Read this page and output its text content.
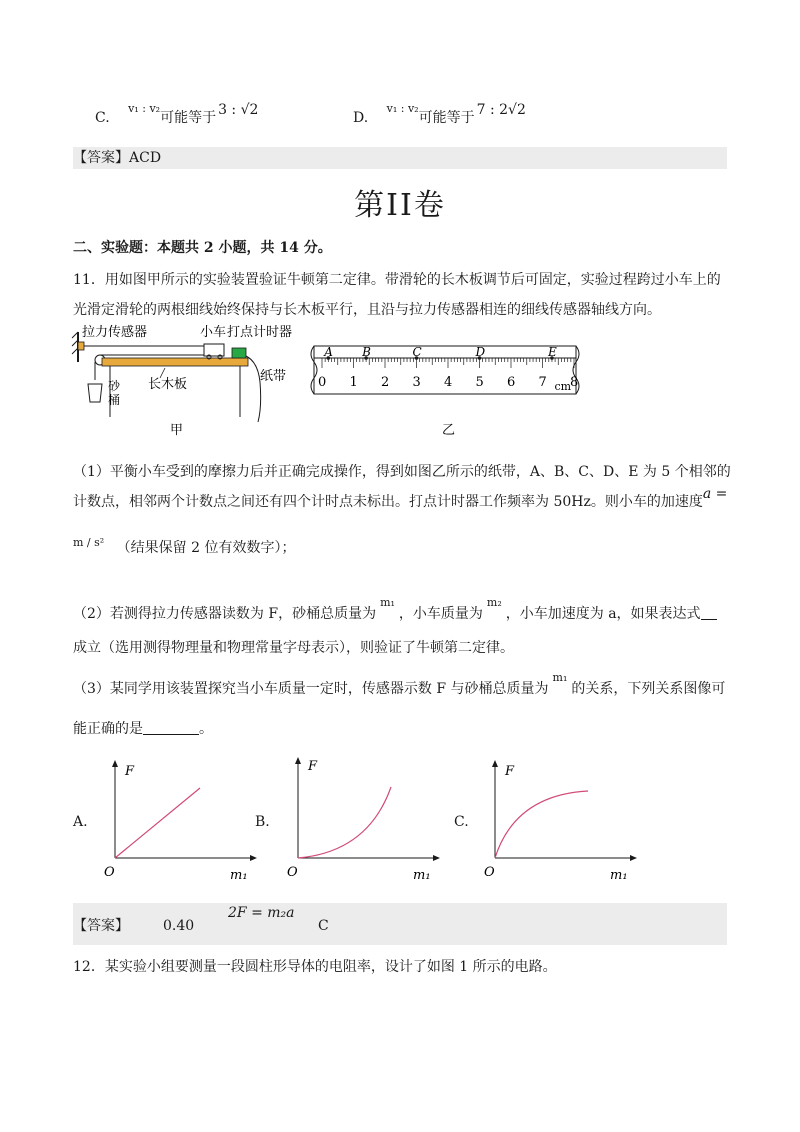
C. $^{v_1 : v_2}$可能等于 3 : √2	D. $^{v_1 : v_2}$可能等于 7 : 2√2
【答案】ACD
第II卷
二、实验题：本题共 2 小题，共 14 分。
11．用如图甲所示的实验装置验证牛顿第二定律。带滑轮的长木板调节后可固定，实验过程跨过小车上的
光滑定滑轮的两根细线始终保持与长木板平行，且沿与拉力传感器相连的细线传感器轴线方向。
拉力传感器	小车 打点计时器
长木板
砂
桶
纸带
甲
0 1 2 3 4 5 6 7 8
cm
A B	C	D	E
乙
（1）平衡小车受到的摩擦力后并正确完成操作，得到如图乙所示的纸带，A、B、C、D、E 为 5 个相邻的
计数点，相邻两个计数点之间还有四个计时点未标出。打点计时器工作频率为 50Hz。则小车的加速度a =
$^{m / s^2}$ （结果保留 2 位有效数字）；
（2）若测得拉力传感器读数为 F，砂桶总质量为$^{m_1}$，小车质量为$^{m_2}$，小车加速度为 a，如果表达式
成立（选用测得物理量和物理常量字母表示），则验证了牛顿第二定律。
（3）某同学用该装置探究当小车质量一定时，传感器示数 F 与砂桶总质量为$^{m_1}$的关系，下列关系图像可
能正确的是	。
A.
F
O	m₁
B.
F
O	m₁
C.
F
O	m₁
【答案】 0.40
2F = m₂a
C
12．某实验小组要测量一段圆柱形导体的电阻率，设计了如图 1 所示的电路。
